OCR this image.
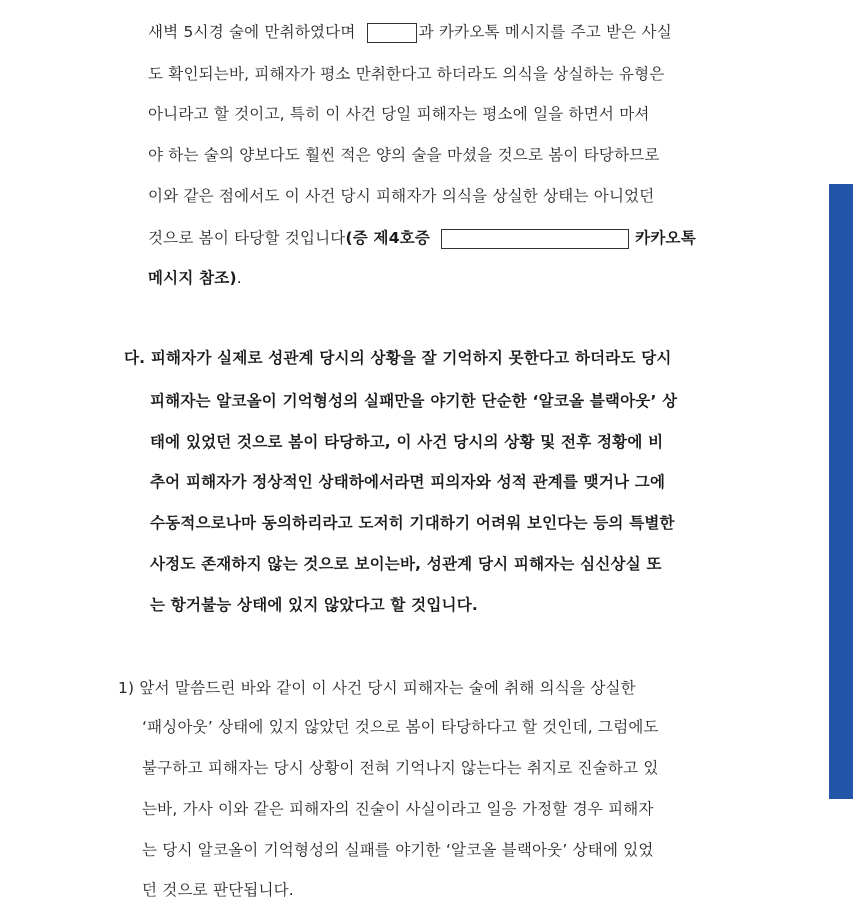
새벽 5시경 술에 만취하였다며	과 카카오톡 메시지를 주고 받은 사실
도 확인되는바, 피해자가 평소 만취한다고 하더라도 의식을 상실하는 유형은
아니라고 할 것이고, 특히 이 사건 당일 피해자는 평소에 일을 하면서 마셔
야 하는 술의 양보다도 훨씬 적은 양의 술을 마셨을 것으로 봄이 타당하므로
이와 같은 점에서도 이 사건 당시 피해자가 의식을 상실한 상태는 아니었던
것으로 봄이 타당할 것입니다(증 제4호증	카카오톡
메시지 참조).
다. 피해자가 실제로 성관계 당시의 상황을 잘 기억하지 못한다고 하더라도 당시
피해자는 알코올이 기억형성의 실패만을 야기한 단순한 ‘알코올 블랙아웃’ 상
태에 있었던 것으로 봄이 타당하고, 이 사건 당시의 상황 및 전후 정황에 비
추어 피해자가 정상적인 상태하에서라면 피의자와 성적 관계를 맺거나 그에
수동적으로나마 동의하리라고 도저히 기대하기 어려워 보인다는 등의 특별한
사정도 존재하지 않는 것으로 보이는바, 성관계 당시 피해자는 심신상실 또
는 항거불능 상태에 있지 않았다고 할 것입니다.
1) 앞서 말씀드린 바와 같이 이 사건 당시 피해자는 술에 취해 의식을 상실한
‘패싱아웃’ 상태에 있지 않았던 것으로 봄이 타당하다고 할 것인데, 그럼에도
불구하고 피해자는 당시 상황이 전혀 기억나지 않는다는 취지로 진술하고 있
는바, 가사 이와 같은 피해자의 진술이 사실이라고 일응 가정할 경우 피해자
는 당시 알코올이 기억형성의 실패를 야기한 ‘알코올 블랙아웃’ 상태에 있었
던 것으로 판단됩니다.
